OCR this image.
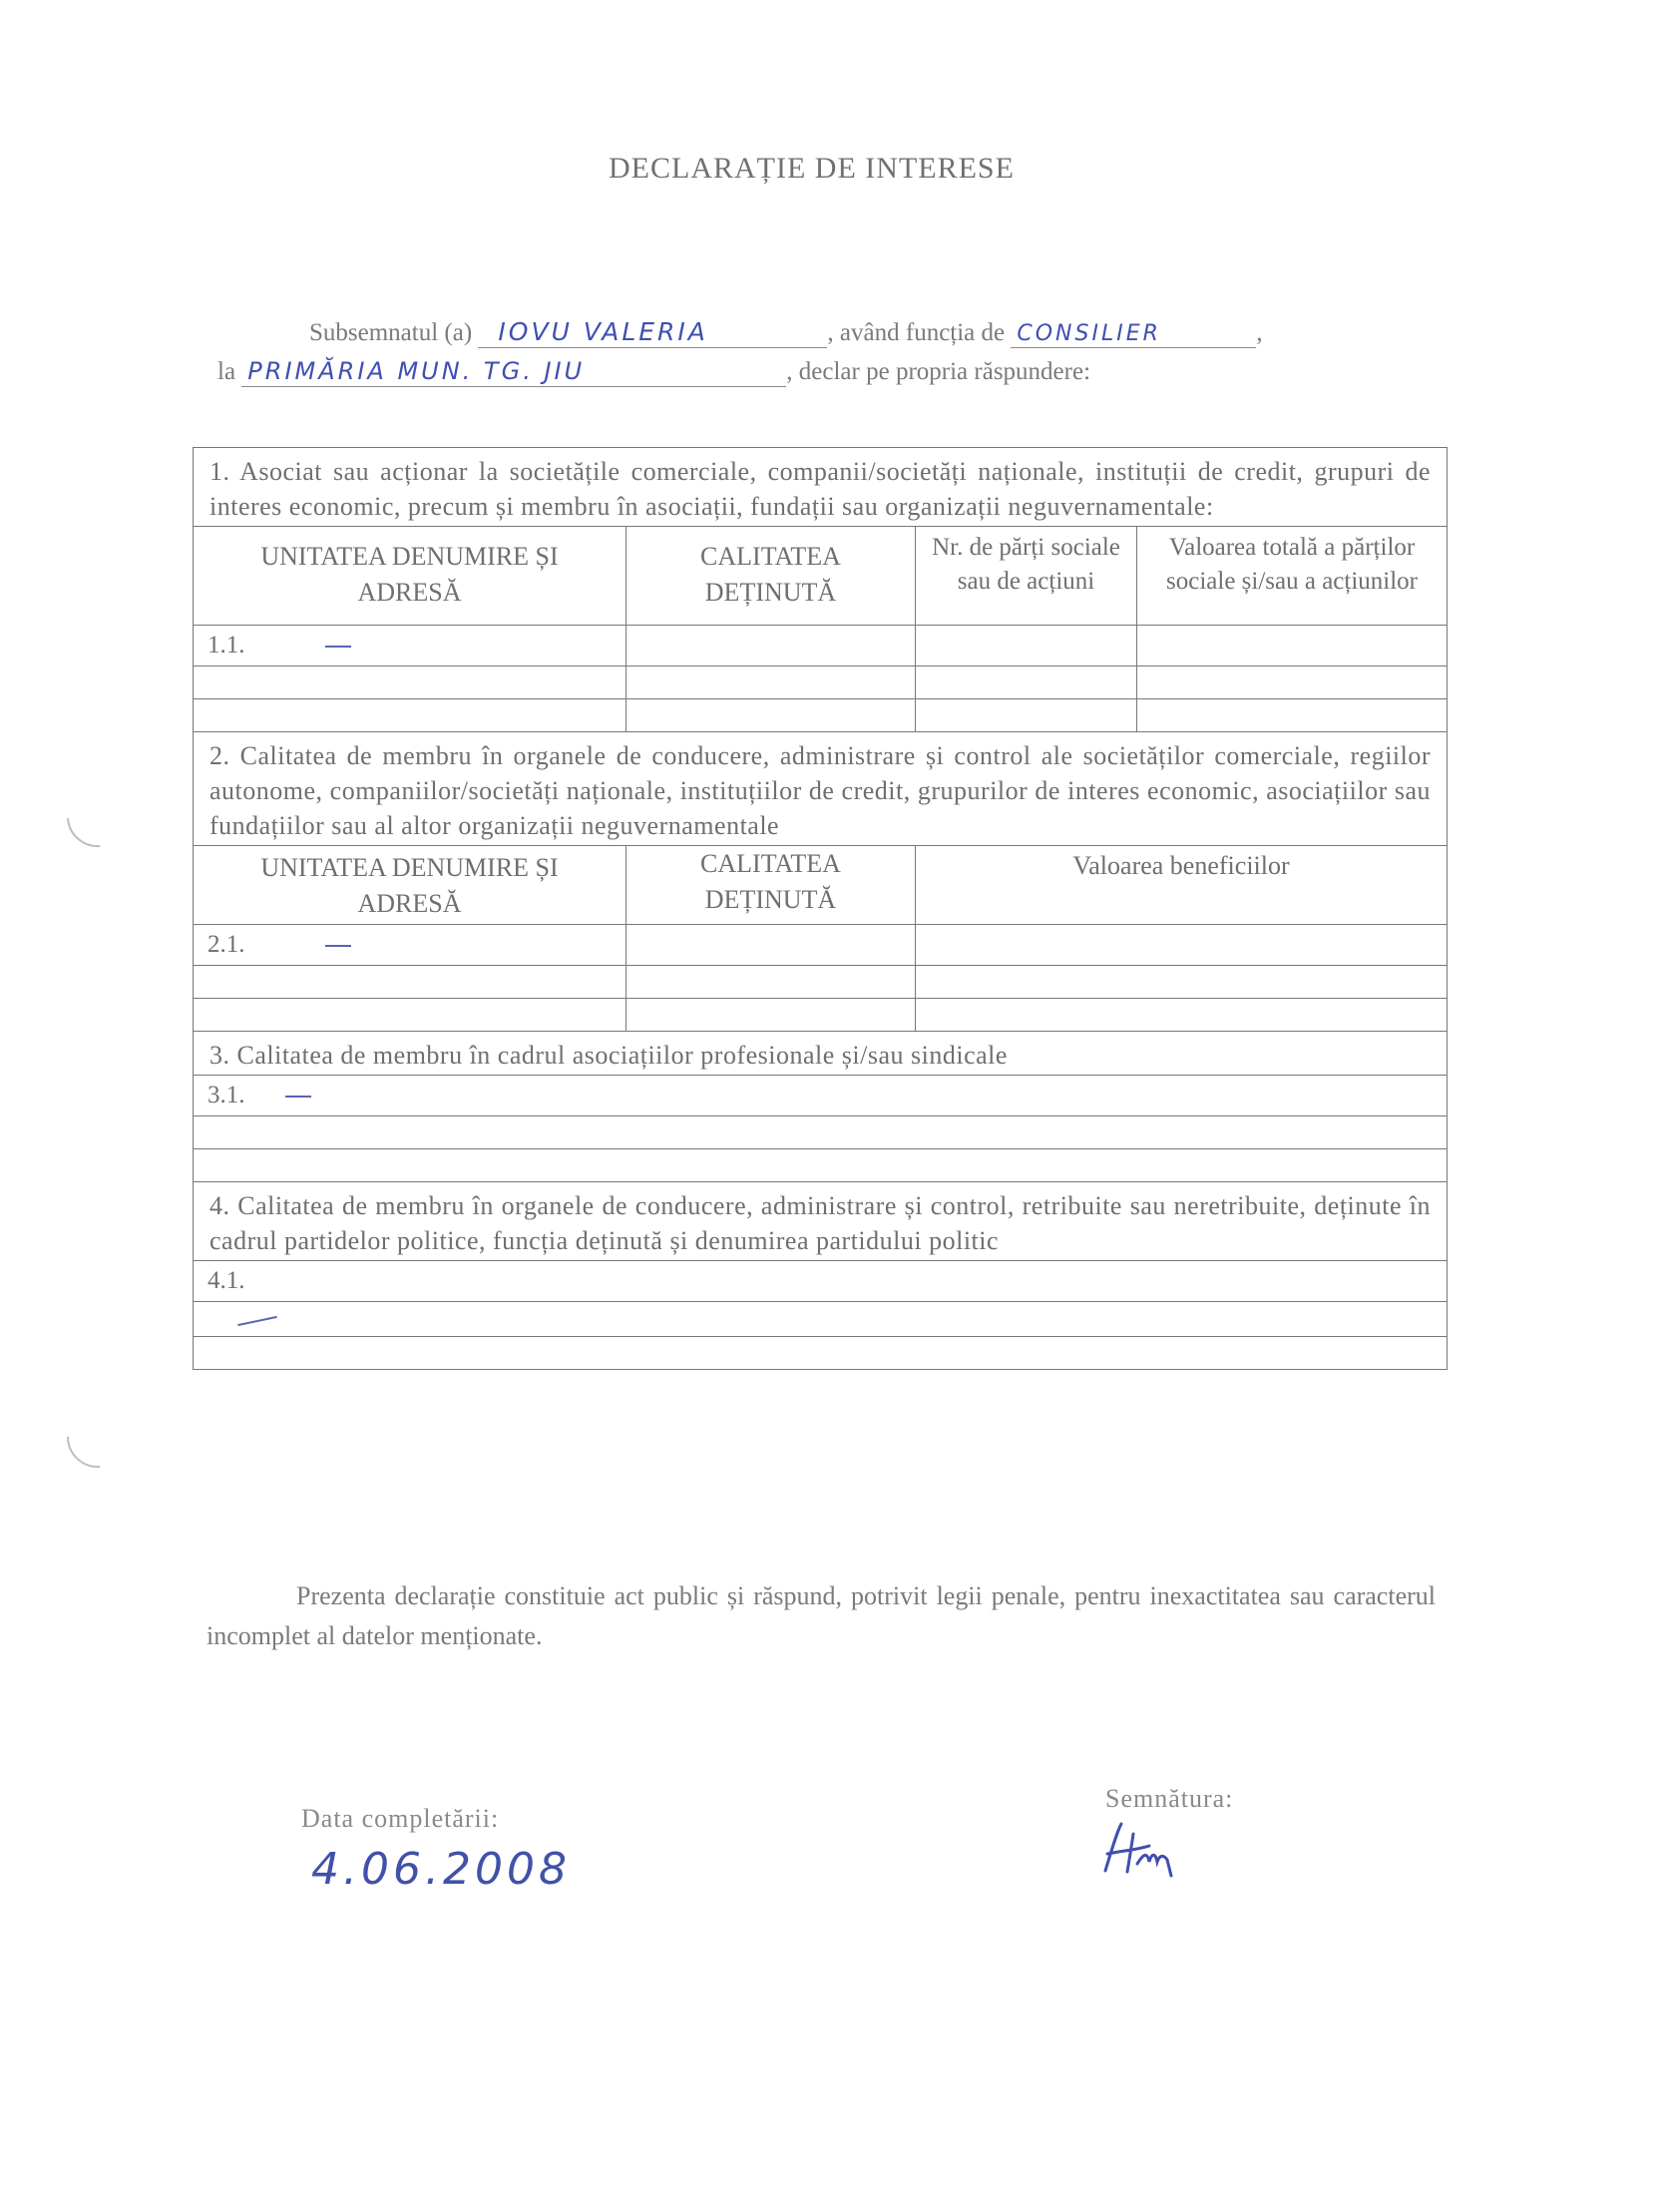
DECLARAȚIE DE INTERESE
Subsemnatul (a) IOVU VALERIA	, având funcția de CONSILIER	,
la PRIMĂRIA MUN. TG. JIU	, declar pe propria răspundere:
1. Asociat sau acționar la societățile comerciale, companii/societăți naționale, instituții de credit, grupuri de interes economic, precum și membru în asociații, fundații sau organizații neguvernamentale:			
UNITATEA DENUMIRE ȘI ADRESĂ	CALITATEA DEȚINUTĂ	Nr. de părți sociale sau de acțiuni	Valoarea totală a părților sociale și/sau a acțiunilor
1.1.			

2. Calitatea de membru în organele de conducere, administrare și control ale societăților comerciale, regiilor autonome, companiilor/societăți naționale, instituțiilor de credit, grupurilor de interes economic, asociațiilor sau fundațiilor sau al altor organizații neguvernamentale			
UNITATEA DENUMIRE ȘI ADRESĂ	CALITATEA DEȚINUTĂ	Valoarea beneficiilor	
2.1.			

3. Calitatea de membru în cadrul asociațiilor profesionale și/sau sindicale			
3.1.			

4. Calitatea de membru în organele de conducere, administrare și control, retribuite sau neretribuite, deținute în cadrul partidelor politice, funcția deținută și denumirea partidului politic			
4.1.			

Prezenta declarație constituie act public și răspund, potrivit legii penale, pentru inexactitatea sau caracterul incomplet al datelor menționate.
Data completării:
4.06.2008
Semnătura:
